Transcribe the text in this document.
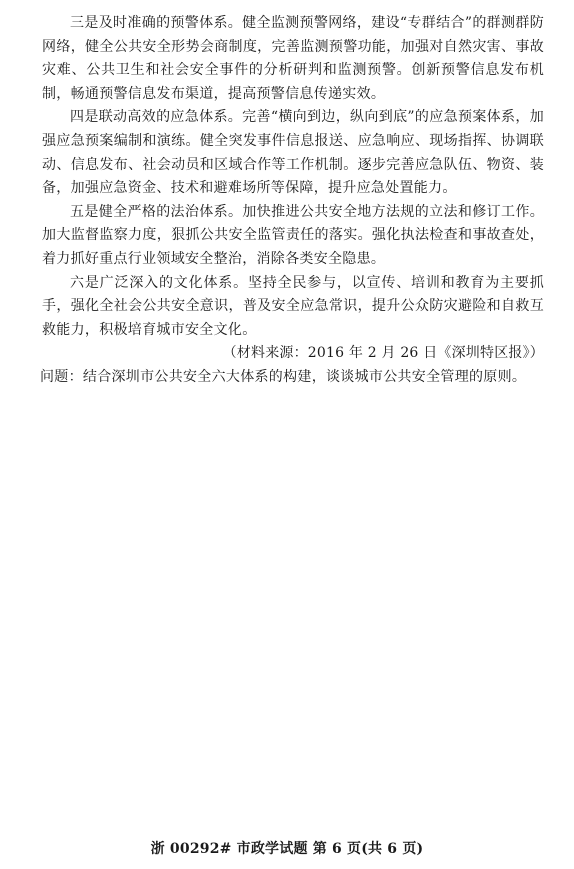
三是及时准确的预警体系。健全监测预警网络，建设“专群结合”的群测群防网络，健全公共安全形势会商制度，完善监测预警功能，加强对自然灾害、事故灾难、公共卫生和社会安全事件的分析研判和监测预警。创新预警信息发布机制，畅通预警信息发布渠道，提高预警信息传递实效。

四是联动高效的应急体系。完善“横向到边，纵向到底”的应急预案体系，加强应急预案编制和演练。健全突发事件信息报送、应急响应、现场指挥、协调联动、信息发布、社会动员和区域合作等工作机制。逐步完善应急队伍、物资、装备，加强应急资金、技术和避难场所等保障，提升应急处置能力。

五是健全严格的法治体系。加快推进公共安全地方法规的立法和修订工作。加大监督监察力度，狠抓公共安全监管责任的落实。强化执法检查和事故查处，着力抓好重点行业领域安全整治，消除各类安全隐患。

六是广泛深入的文化体系。坚持全民参与，以宣传、培训和教育为主要抓手，强化全社会公共安全意识，普及安全应急常识，提升公众防灾避险和自救互救能力，积极培育城市安全文化。

（材料来源：2016 年 2 月 26 日《深圳特区报》）

问题：结合深圳市公共安全六大体系的构建，谈谈城市公共安全管理的原则。

浙 00292# 市政学试题 第 6 页(共 6 页)
